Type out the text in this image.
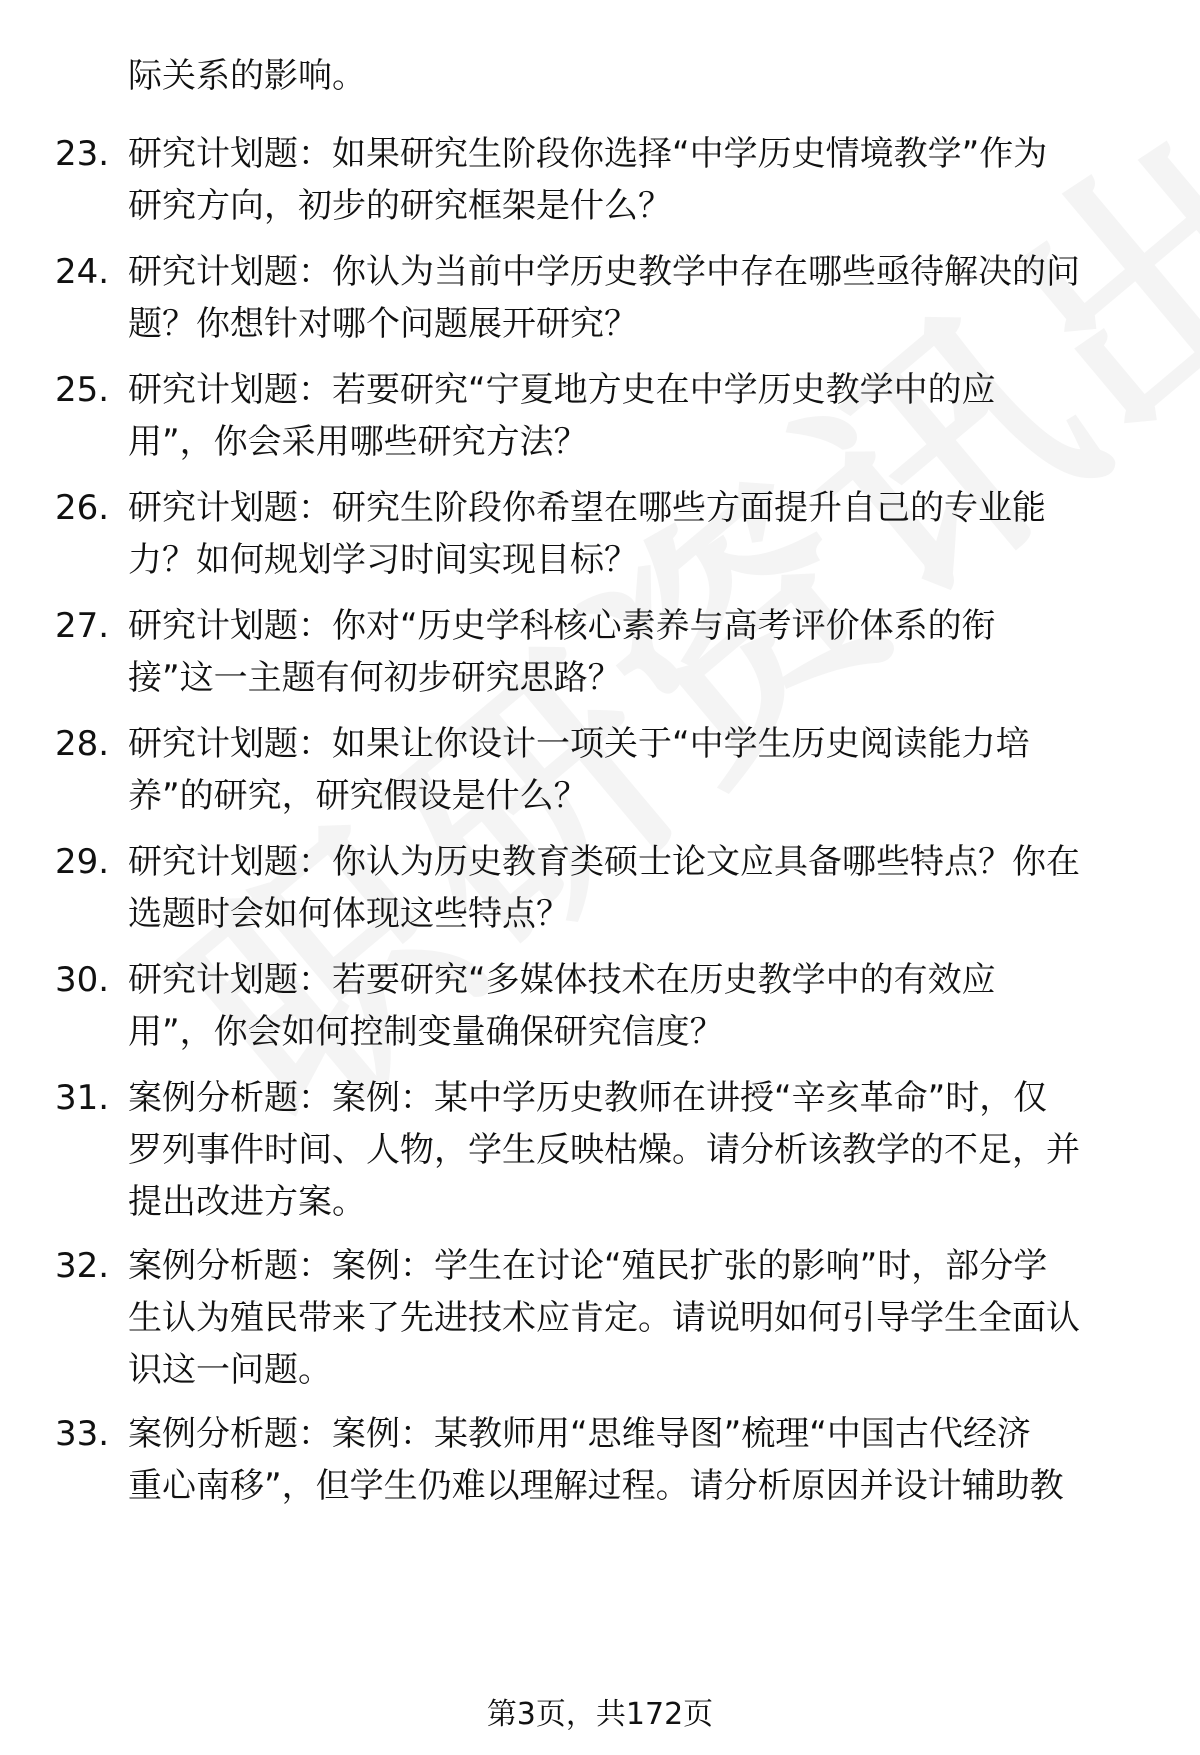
际关系的影响。
23. 研究计划题：如果研究生阶段你选择“中学历史情境教学”作为
研究方向，初步的研究框架是什么？
24. 研究计划题：你认为当前中学历史教学中存在哪些亟待解决的问
题？你想针对哪个问题展开研究？
25. 研究计划题：若要研究“宁夏地方史在中学历史教学中的应
用”，你会采用哪些研究方法？
26. 研究计划题：研究生阶段你希望在哪些方面提升自己的专业能
力？如何规划学习时间实现目标？
27. 研究计划题：你对“历史学科核心素养与高考评价体系的衔
接”这一主题有何初步研究思路？
28. 研究计划题：如果让你设计一项关于“中学生历史阅读能力培
养”的研究，研究假设是什么？
29. 研究计划题：你认为历史教育类硕士论文应具备哪些特点？你在
选题时会如何体现这些特点？
30. 研究计划题：若要研究“多媒体技术在历史教学中的有效应
用”，你会如何控制变量确保研究信度？
31. 案例分析题：案例：某中学历史教师在讲授“辛亥革命”时，仅
罗列事件时间、人物，学生反映枯燥。请分析该教学的不足，并
提出改进方案。
32. 案例分析题：案例：学生在讨论“殖民扩张的影响”时，部分学
生认为殖民带来了先进技术应肯定。请说明如何引导学生全面认
识这一问题。
33. 案例分析题：案例：某教师用“思维导图”梳理“中国古代经济
重心南移”，但学生仍难以理解过程。请分析原因并设计辅助教
第3页，共172页
